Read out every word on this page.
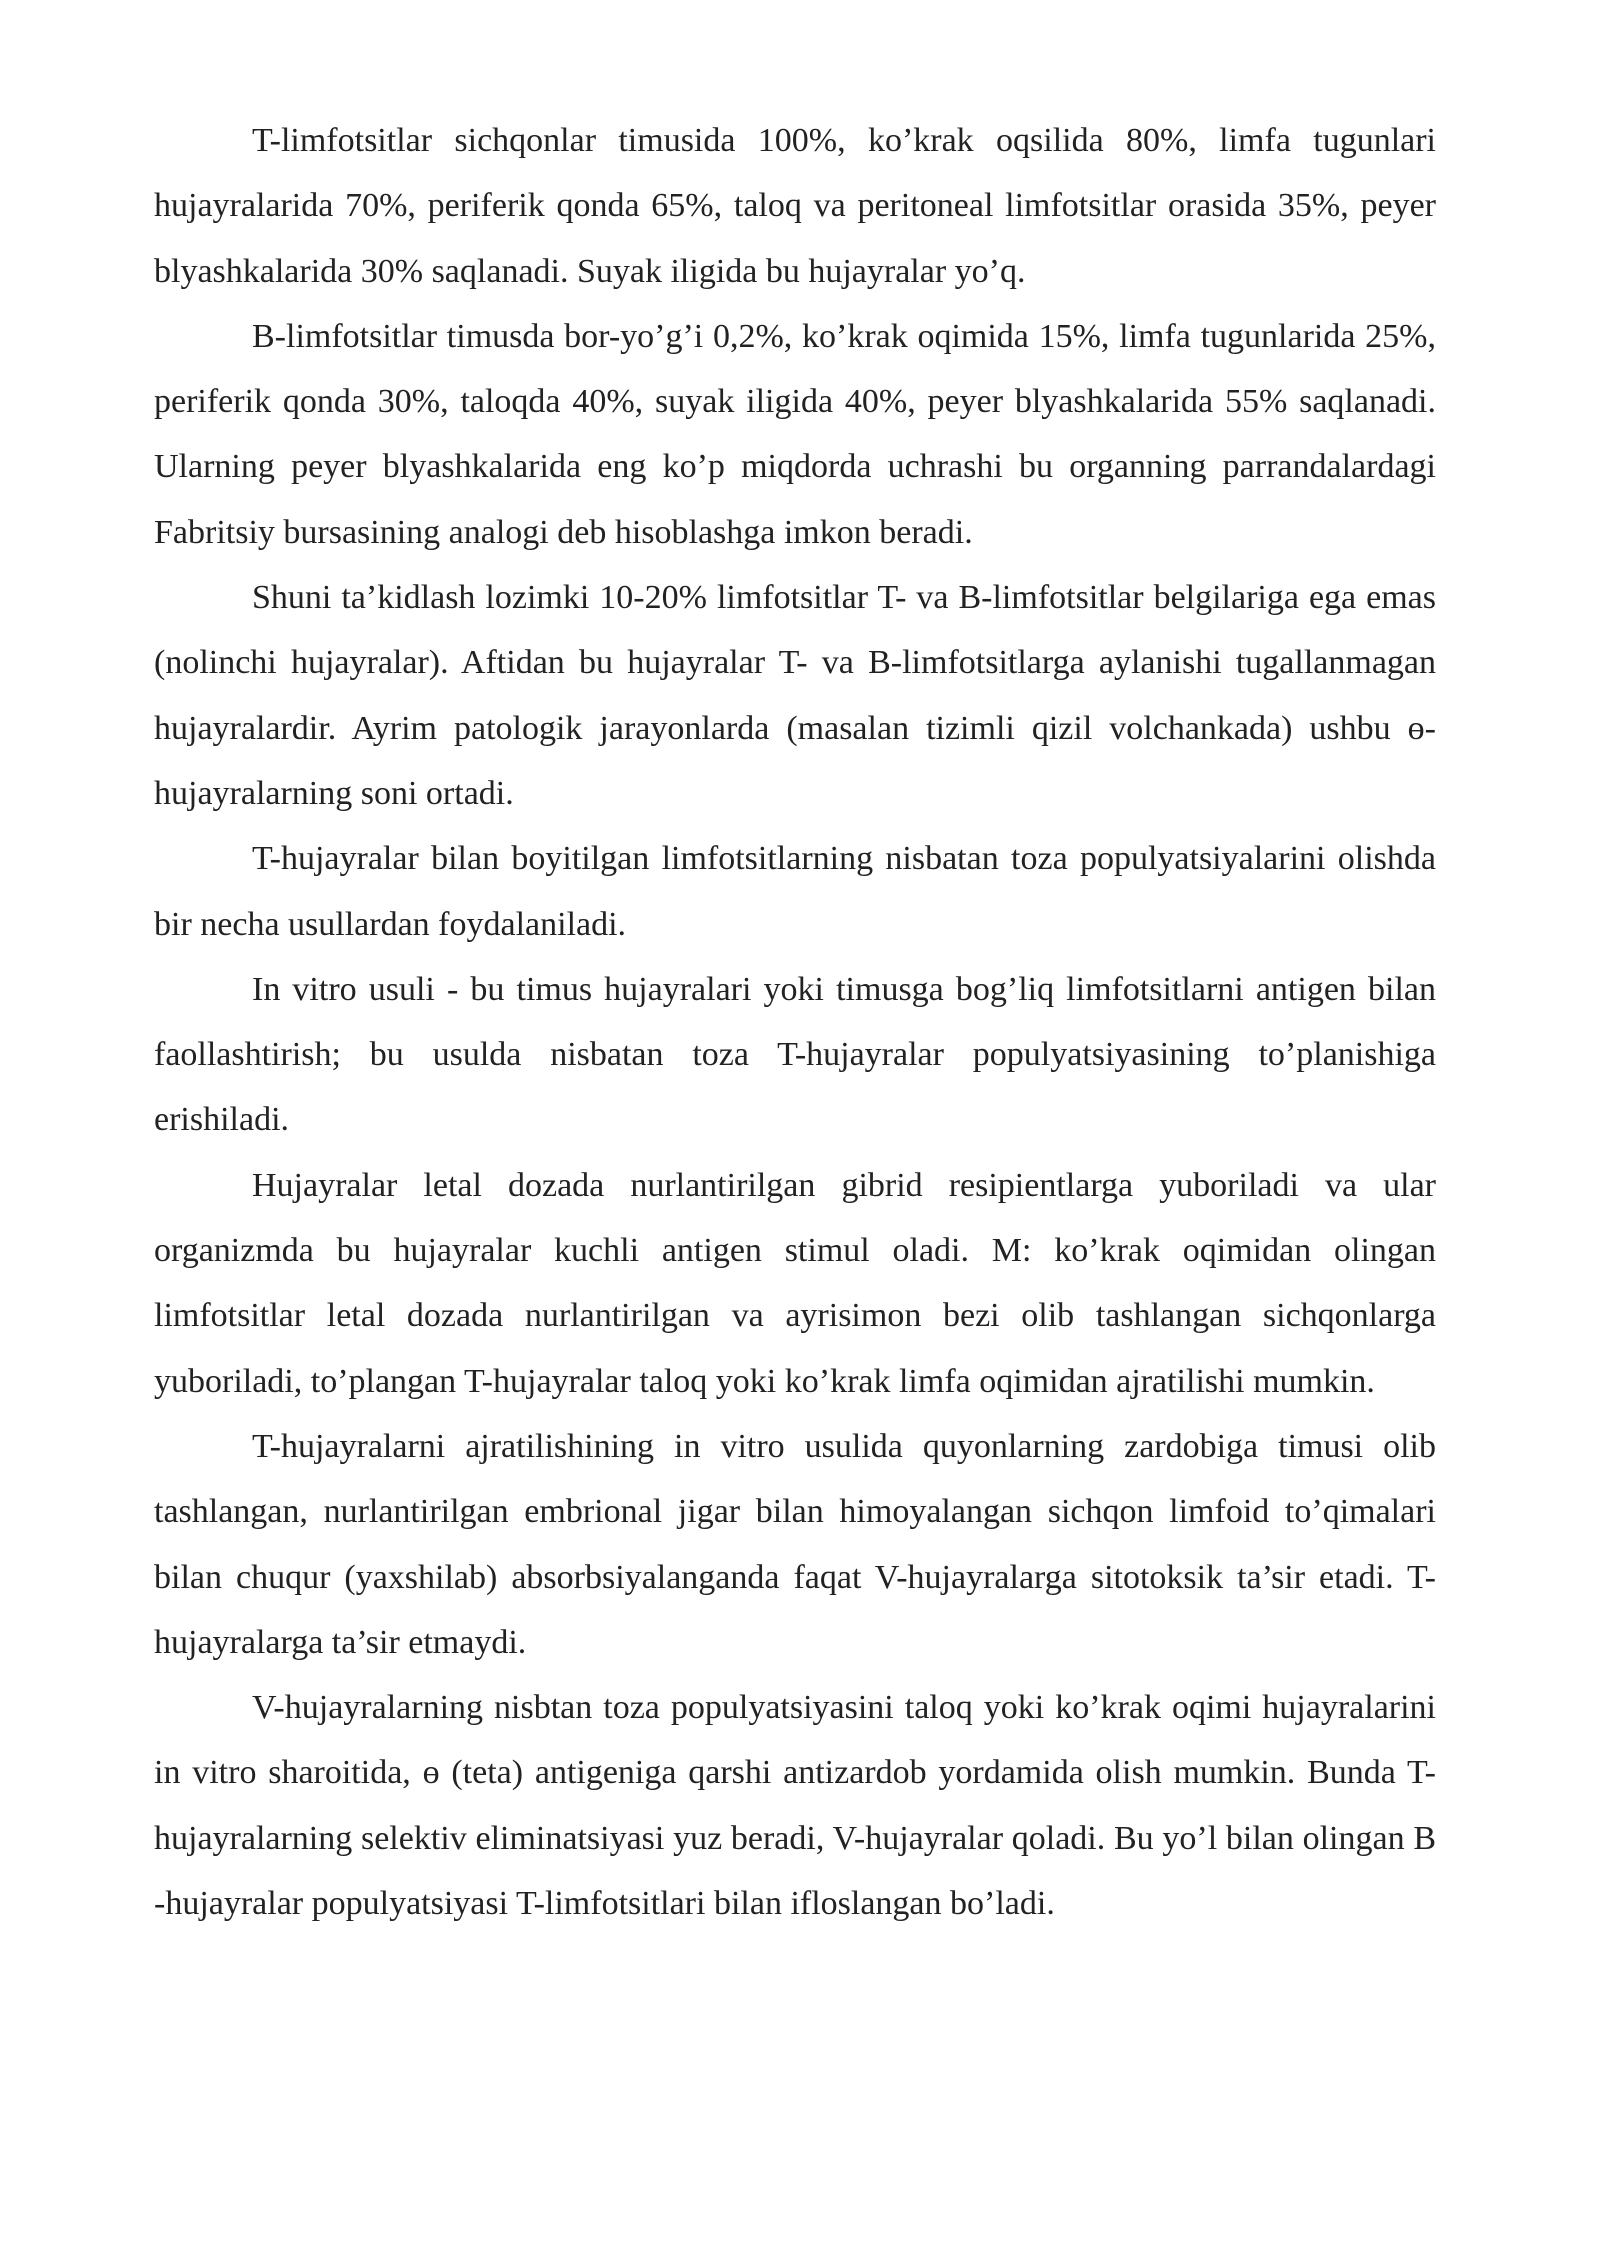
T-limfotsitlar sichqonlar timusida 100%, ko’krak oqsilida 80%, limfa tugunlari hujayralarida 70%, periferik qonda 65%, taloq va peritoneal limfotsitlar orasida 35%, peyer blyashkalarida 30% saqlanadi. Suyak iligida bu hujayralar yo’q.

B-limfotsitlar timusda bor-yo’g’i 0,2%, ko’krak oqimida 15%, limfa tugunlarida 25%, periferik qonda 30%, taloqda 40%, suyak iligida 40%, peyer blyashkalarida 55% saqlanadi. Ularning peyer blyashkalarida eng ko’p miqdorda uchrashi bu organning parrandalardagi Fabritsiy bursasining analogi deb hisoblashga imkon beradi.

Shuni ta’kidlash lozimki 10-20% limfotsitlar T- va B-limfotsitlar belgilariga ega emas (nolinchi hujayralar). Aftidan bu hujayralar T- va B-limfotsitlarga aylanishi tugallanmagan hujayralardir. Ayrim patologik jarayonlarda (masalan tizimli qizil volchankada) ushbu ɵ-hujayralarning soni ortadi.

T-hujayralar bilan boyitilgan limfotsitlarning nisbatan toza populyatsiyalarini olishda bir necha usullardan foydalaniladi.

In vitro usuli - bu timus hujayralari yoki timusga bog’liq limfotsitlarni antigen bilan faollashtirish; bu usulda nisbatan toza T-hujayralar populyatsiyasining to’planishiga erishiladi.

Hujayralar letal dozada nurlantirilgan gibrid resipientlarga yuboriladi va ular organizmda bu hujayralar kuchli antigen stimul oladi. M: ko’krak oqimidan olingan limfotsitlar letal dozada nurlantirilgan va ayrisimon bezi olib tashlangan sichqonlarga yuboriladi, to’plangan T-hujayralar taloq yoki ko’krak limfa oqimidan ajratilishi mumkin.

T-hujayralarni ajratilishining in vitro usulida quyonlarning zardobiga timusi olib tashlangan, nurlantirilgan embrional jigar bilan himoyalangan sichqon limfoid to’qimalari bilan chuqur (yaxshilab) absorbsiyalanganda faqat V-hujayralarga sitotoksik ta’sir etadi. T-hujayralarga ta’sir etmaydi.

V-hujayralarning nisbtan toza populyatsiyasini taloq yoki ko’krak oqimi hujayralarini in vitro sharoitida, ɵ (teta) antigeniga qarshi antizardob yordamida olish mumkin. Bunda T-hujayralarning selektiv eliminatsiyasi yuz beradi, V-hujayralar qoladi. Bu yo’l bilan olingan B -hujayralar populyatsiyasi T-limfotsitlari bilan ifloslangan bo’ladi.
